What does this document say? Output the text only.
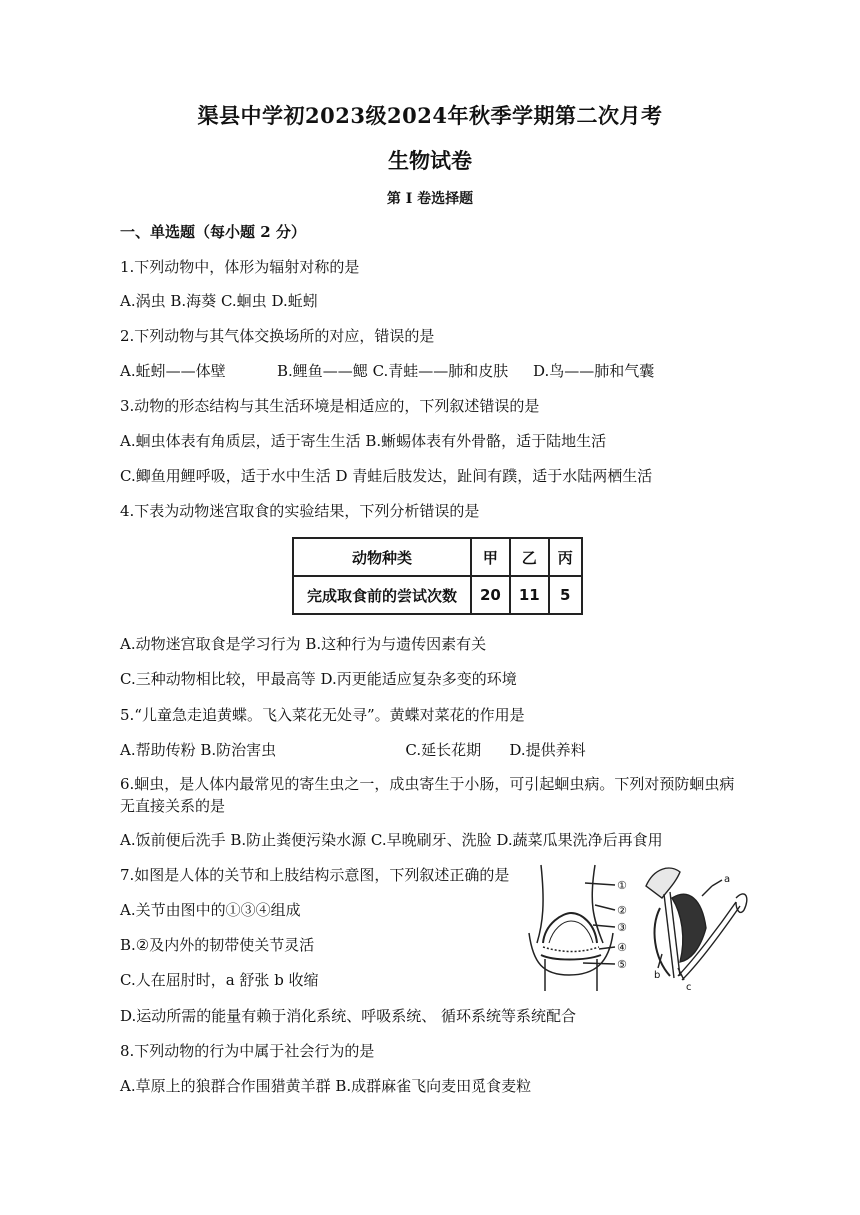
渠县中学初2023级2024年秋季学期第二次月考
生物试卷
第 I 卷选择题
一、单选题（每小题 2 分）
1.下列动物中，体形为辐射对称的是
A.涡虫 B.海葵 C.蛔虫 D.蚯蚓
2.下列动物与其气体交换场所的对应，错误的是
A.蚯蚓——体壁	B.鲤鱼——鳃 C.青蛙——肺和皮肤 D.鸟——肺和气囊
3.动物的形态结构与其生活环境是相适应的，下列叙述错误的是
A.蛔虫体表有角质层，适于寄生生活 B.蜥蜴体表有外骨骼，适于陆地生活
C.鲫鱼用鲤呼吸，适于水中生活 D 青蛙后肢发达，趾间有蹼，适于水陆两栖生活
4.下表为动物迷宫取食的实验结果，下列分析错误的是
动物种类	甲	乙	丙
完成取食前的尝试次数	20	11	5
A.动物迷宫取食是学习行为 B.这种行为与遗传因素有关
C.三种动物相比较，甲最高等 D.丙更能适应复杂多变的环境
5.“儿童急走追黄蝶。飞入菜花无处寻”。黄蝶对菜花的作用是
A.帮助传粉 B.防治害虫	C.延长花期 D.提供养料
6.蛔虫，是人体内最常见的寄生虫之一，成虫寄生于小肠，可引起蛔虫病。下列对预防蛔虫病无直接关系的是
A.饭前便后洗手 B.防止粪便污染水源 C.早晚刷牙、洗脸 D.蔬菜瓜果洗净后再食用
7.如图是人体的关节和上肢结构示意图，下列叙述正确的是
A.关节由图中的①③④组成
B.②及内外的韧带使关节灵活
C.人在屈肘时，a 舒张 b 收缩
D.运动所需的能量有赖于消化系统、呼吸系统、 循环系统等系统配合
①
②
③
④
⑤
a
b
c
8.下列动物的行为中属于社会行为的是
A.草原上的狼群合作围猎黄羊群 B.成群麻雀飞向麦田觅食麦粒
